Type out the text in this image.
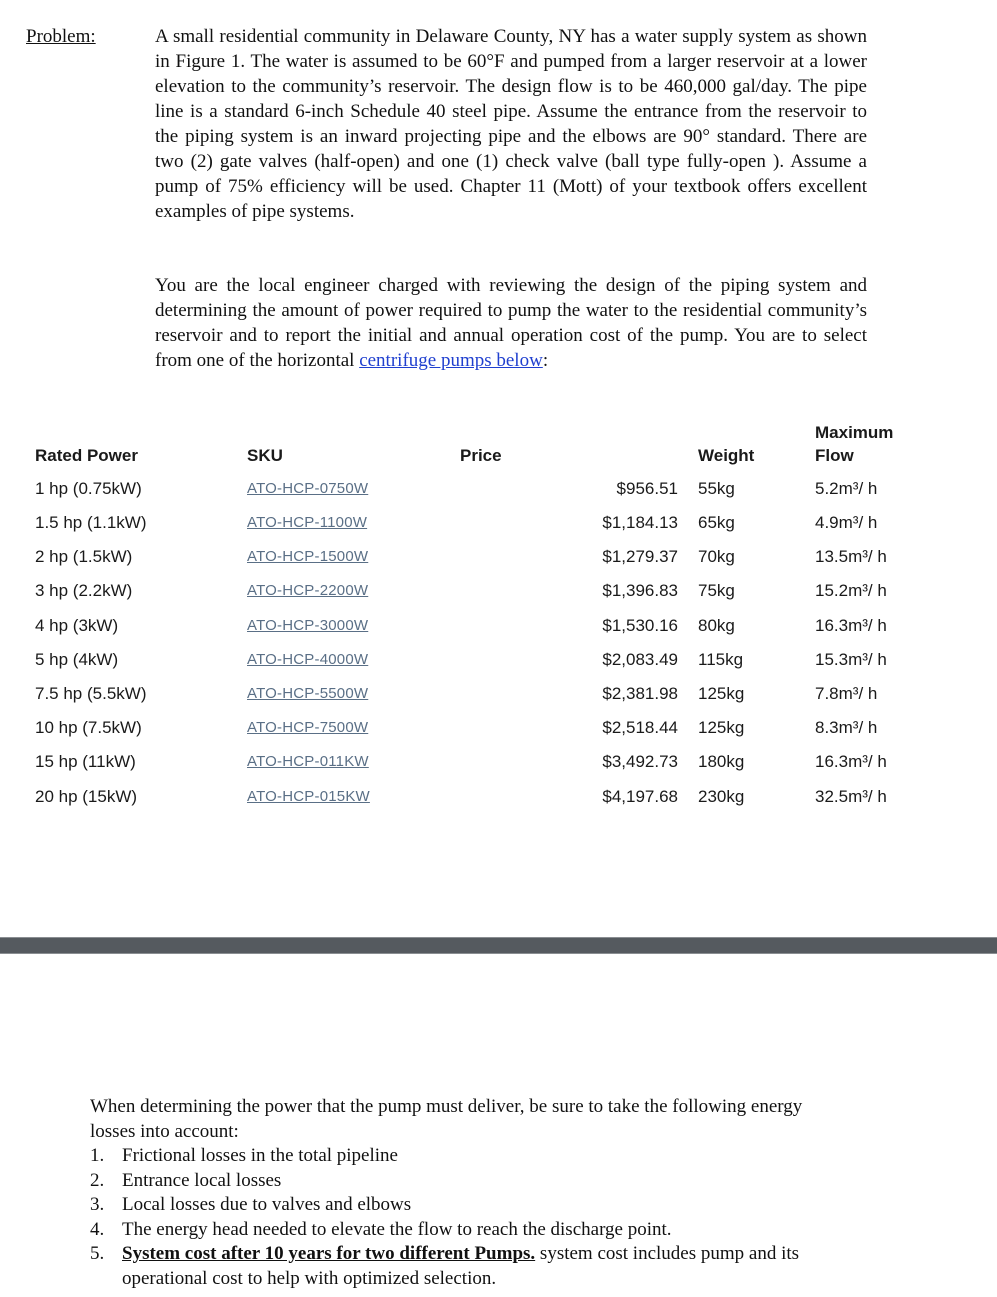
Problem:	A small residential community in Delaware County, NY has a water supply system as shown in Figure 1. The water is assumed to be 60°F and pumped from a larger reservoir at a lower elevation to the community’s reservoir. The design flow is to be 460,000 gal/day. The pipe line is a standard 6-inch Schedule 40 steel pipe. Assume the entrance from the reservoir to the piping system is an inward projecting pipe and the elbows are 90° standard. There are two (2) gate valves (half-open) and one (1) check valve (ball type fully-open ). Assume a pump of 75% efficiency will be used. Chapter 11 (Mott) of your textbook offers excellent examples of pipe systems.

You are the local engineer charged with reviewing the design of the piping system and determining the amount of power required to pump the water to the residential community’s reservoir and to report the initial and annual operation cost of the pump. You are to select from one of the horizontal centrifuge pumps below:

Rated Power	SKU	Price	Weight
Maximum
Flow
1 hp (0.75kW)	ATO-HCP-0750W	$956.51 55kg	5.2m³/ h
1.5 hp (1.1kW)	ATO-HCP-1100W	$1,184.13 65kg	4.9m³/ h
2 hp (1.5kW)	ATO-HCP-1500W	$1,279.37 70kg	13.5m³/ h
3 hp (2.2kW)	ATO-HCP-2200W	$1,396.83 75kg	15.2m³/ h
4 hp (3kW)	ATO-HCP-3000W	$1,530.16 80kg	16.3m³/ h
5 hp (4kW)	ATO-HCP-4000W	$2,083.49 115kg	15.3m³/ h
7.5 hp (5.5kW)	ATO-HCP-5500W	$2,381.98 125kg	7.8m³/ h
10 hp (7.5kW)	ATO-HCP-7500W	$2,518.44 125kg	8.3m³/ h
15 hp (11kW)	ATO-HCP-011KW	$3,492.73 180kg	16.3m³/ h
20 hp (15kW)	ATO-HCP-015KW	$4,197.68 230kg	32.5m³/ h

When determining the power that the pump must deliver, be sure to take the following energy losses into account:

1. Frictional losses in the total pipeline
2. Entrance local losses
3. Local losses due to valves and elbows
4. The energy head needed to elevate the flow to reach the discharge point.
5. System cost after 10 years for two different Pumps. system cost includes pump and its operational cost to help with optimized selection.
